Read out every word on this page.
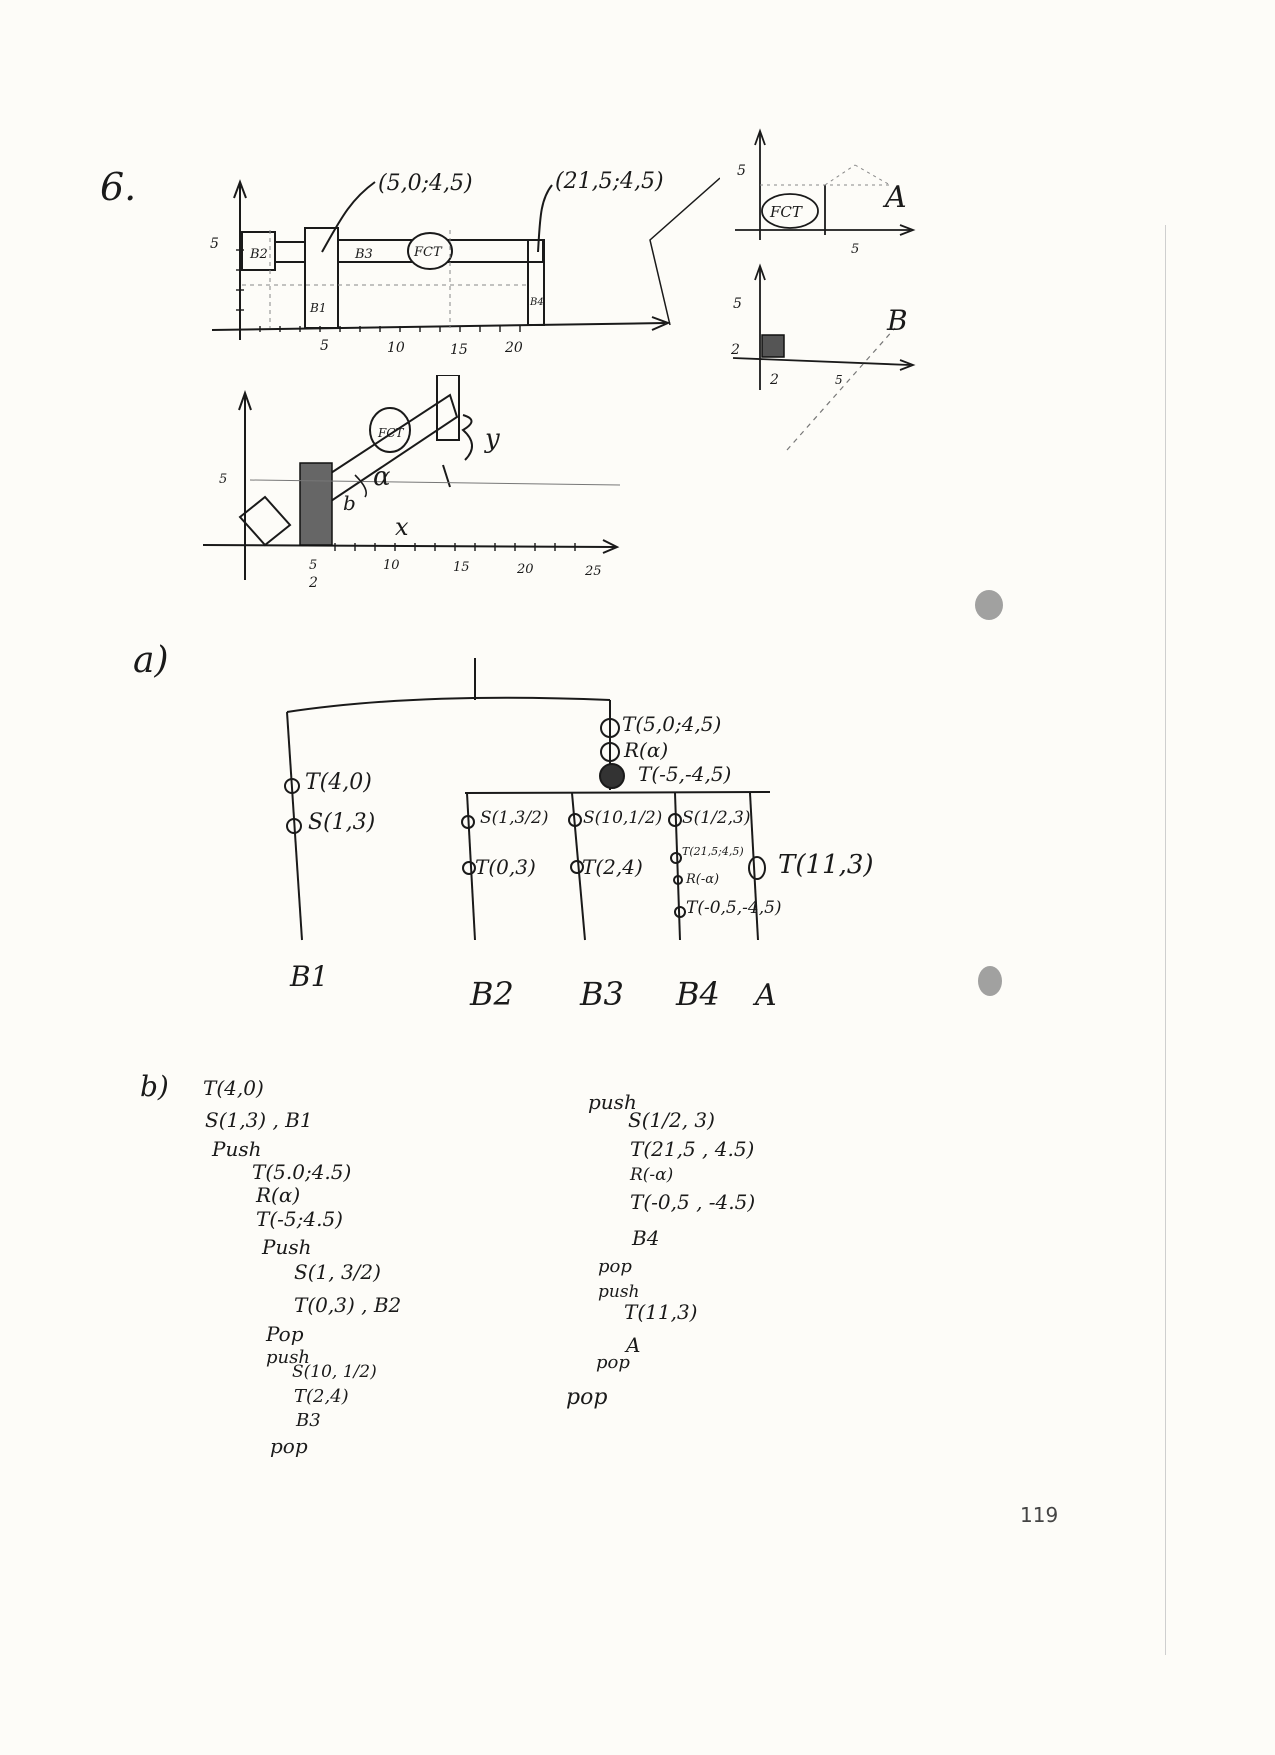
6.
B2
B1
B3	FCT
B4
5
5	10	15	20
(5,0;4,5)	(21,5;4,5)	5
5
FCT	A
5
2
2	5
B
5
5	10	15	20	25
2
FCT
α
b
x
y
a)
T(4,0)
S(1,3)
T(5,0;4,5)
R(α)
T(-5,-4,5)
S(1,3/2)
T(0,3)
S(10,1/2)
T(2,4)
S(1/2,3)
T(21,5;4,5)
R(-α)
T(-0,5,-4,5)
T(11,3)
B1	B2 B3 B4 A
b) T(4,0)
S(1,3) , B1
Push
T(5.0;4.5)
R(α)
T(-5;4.5)
Push
S(1, 3/2)
T(0,3) , B2
Pop
push
S(10, 1/2)
T(2,4)
B3
pop
push
S(1/2, 3)
T(21,5 , 4.5)
R(-α)
T(-0,5 , -4.5)
B4
pop
push
T(11,3)
A
pop
pop
119
